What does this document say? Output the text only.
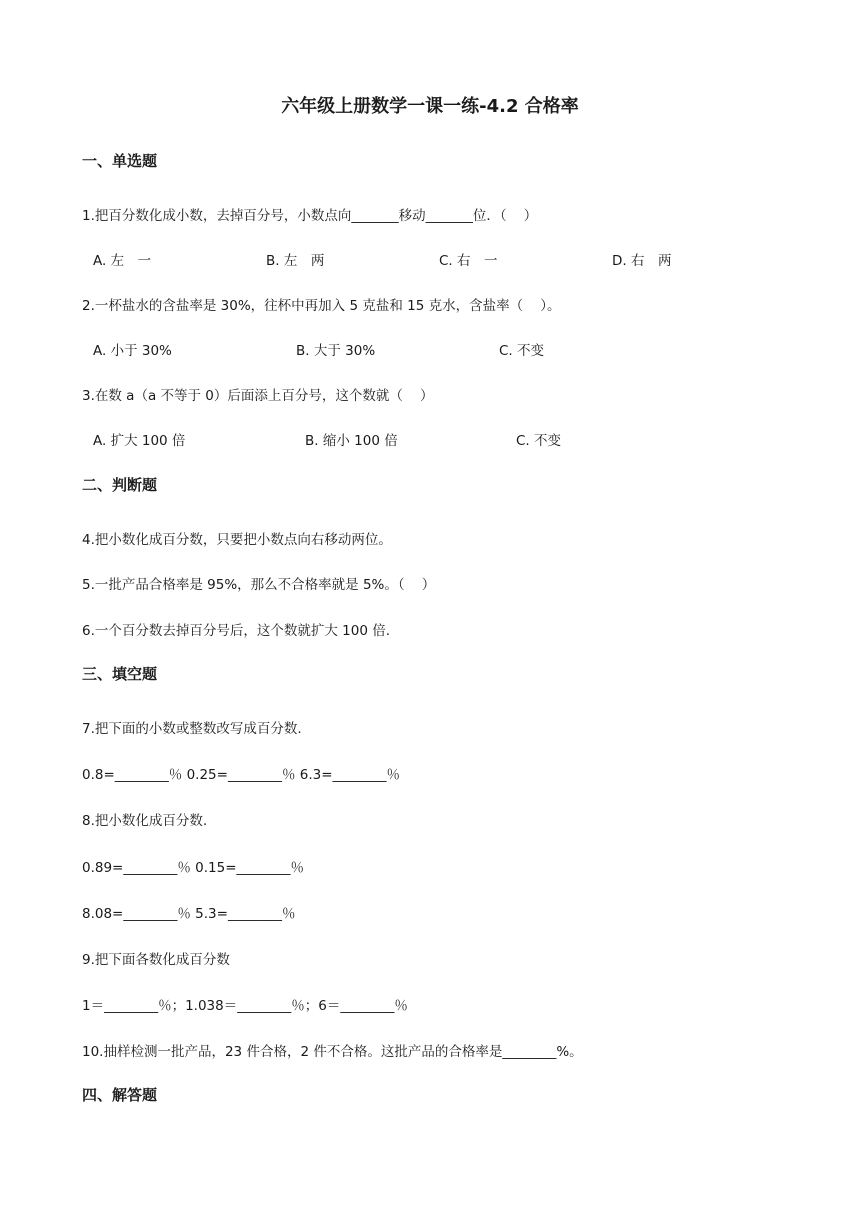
六年级上册数学一课一练-4.2 合格率
一、单选题
1.把百分数化成小数，去掉百分号，小数点向_______移动_______位．（    ）
A. 左　一	B. 左　两	C. 右　一	D. 右　两
2.一杯盐水的含盐率是 30%，往杯中再加入 5 克盐和 15 克水，含盐率（    ）。
A. 小于 30%	B. 大于 30%	C. 不变
3.在数 a（a 不等于 0）后面添上百分号，这个数就（    ）
A. 扩大 100 倍	B. 缩小 100 倍	C. 不变
二、判断题
4.把小数化成百分数，只要把小数点向右移动两位。
5.一批产品合格率是 95%，那么不合格率就是 5%。（    ）
6.一个百分数去掉百分号后，这个数就扩大 100 倍.
三、填空题
7.把下面的小数或整数改写成百分数.
0.8=________％ 0.25=________％ 6.3=________％
8.把小数化成百分数.
0.89=________％ 0.15=________％
8.08=________％ 5.3=________％
9.把下面各数化成百分数
1＝________％；1.038＝________％；6＝________％
10.抽样检测一批产品，23 件合格，2 件不合格。这批产品的合格率是________%。
四、解答题
